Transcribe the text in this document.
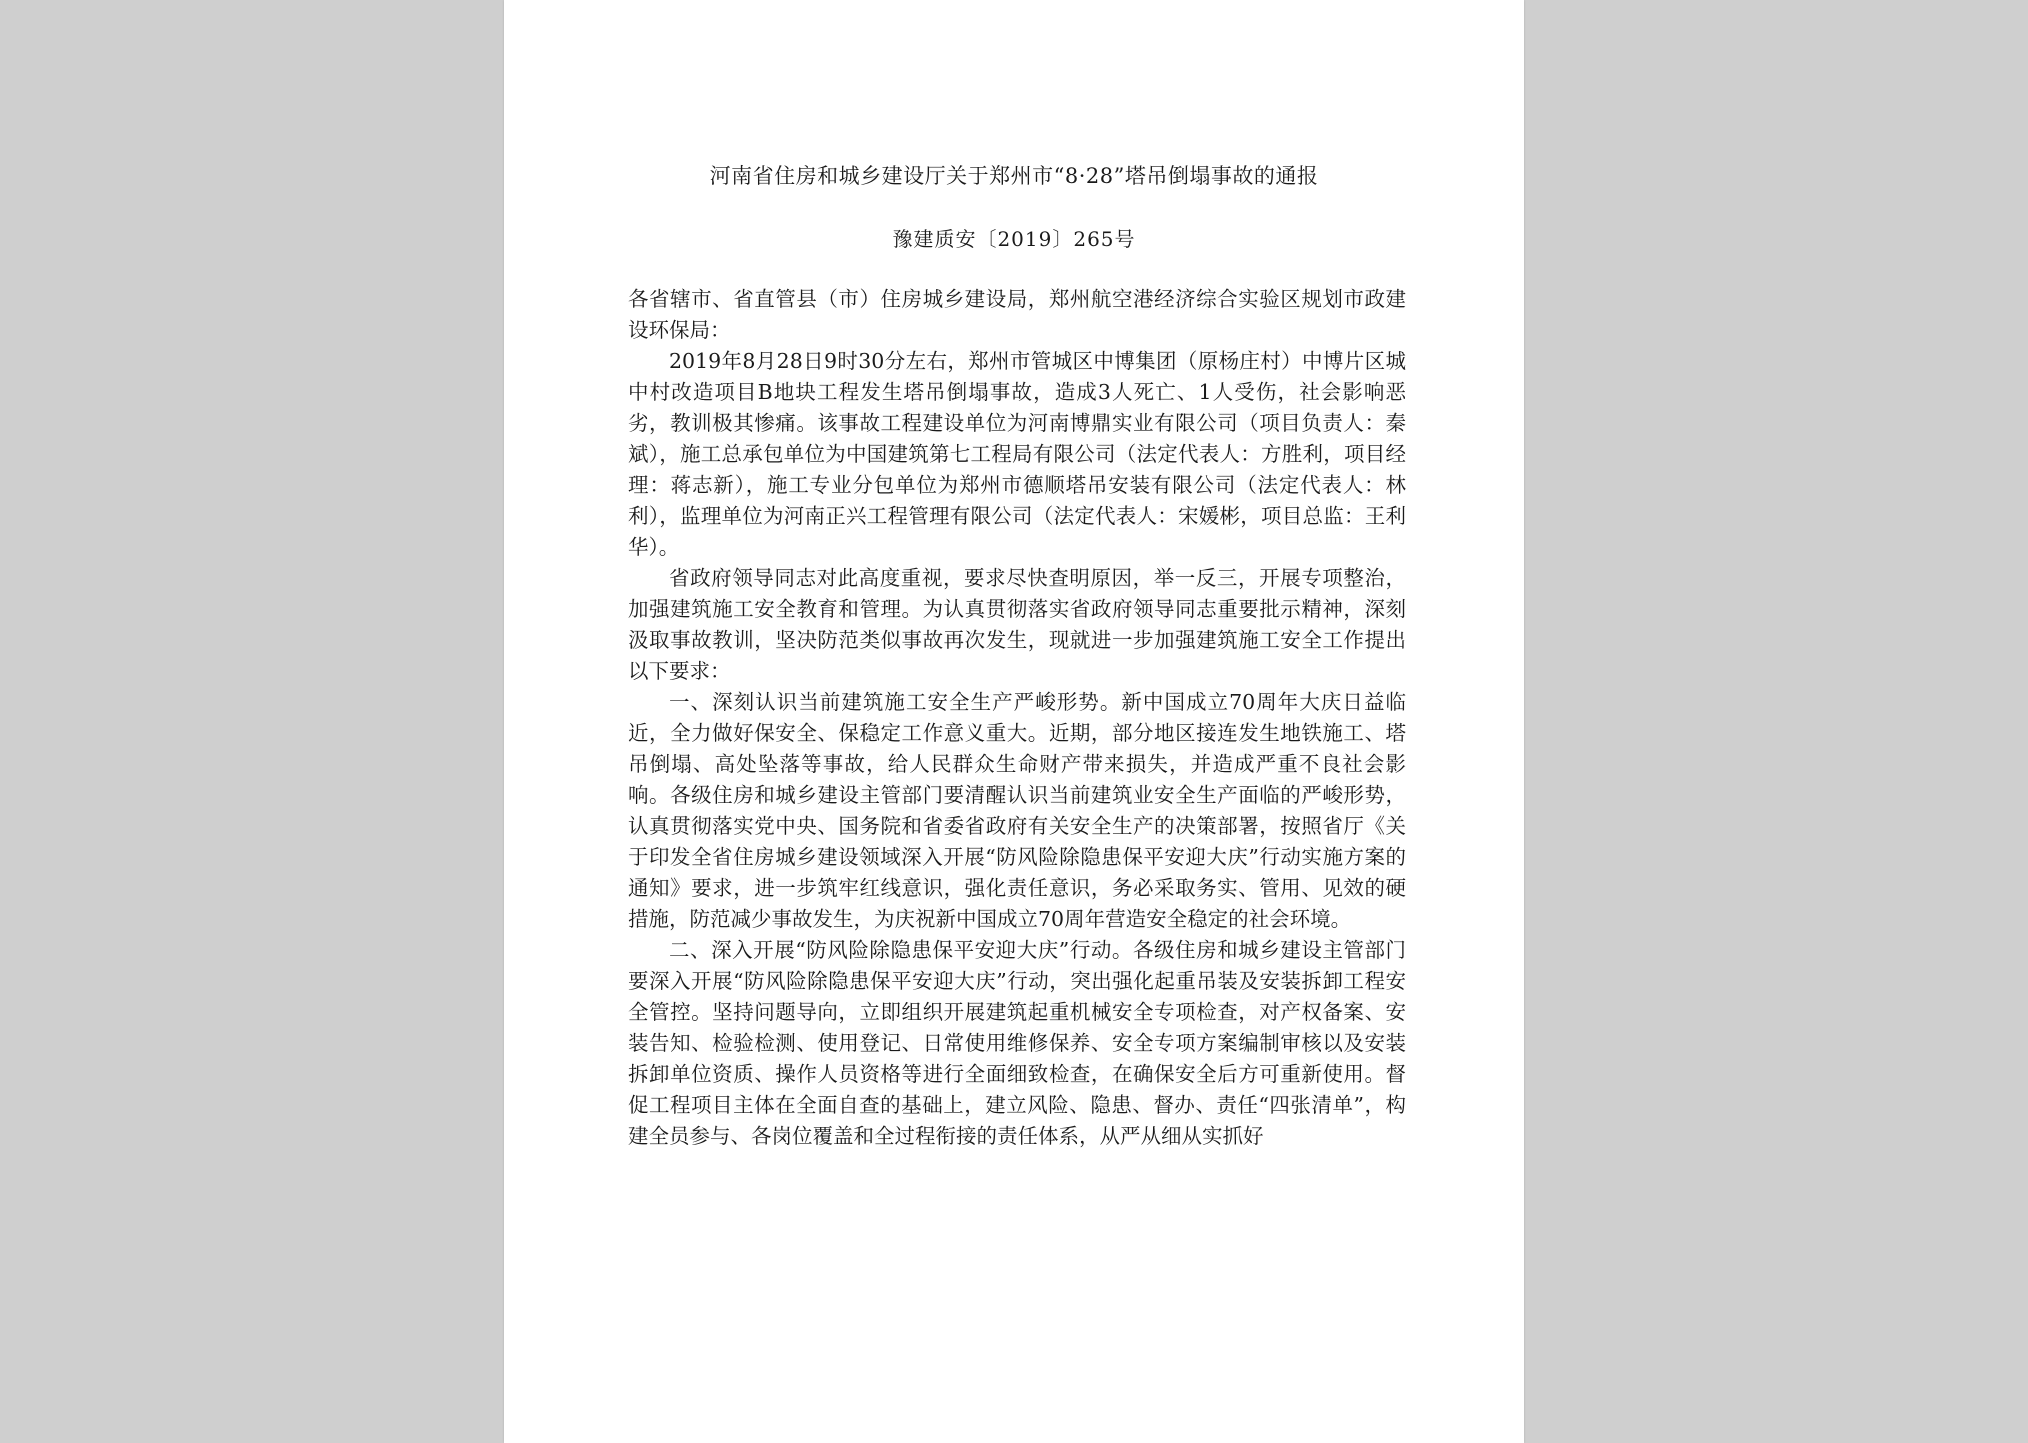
河南省住房和城乡建设厅关于郑州市“8·28”塔吊倒塌事故的通报
豫建质安〔2019〕265号

各省辖市、省直管县（市）住房城乡建设局，郑州航空港经济综合实验区规划市政建设环保局：

2019年8月28日9时30分左右，郑州市管城区中博集团（原杨庄村）中博片区城中村改造项目B地块工程发生塔吊倒塌事故，造成3人死亡、1人受伤，社会影响恶劣，教训极其惨痛。该事故工程建设单位为河南博鼎实业有限公司（项目负责人：秦斌），施工总承包单位为中国建筑第七工程局有限公司（法定代表人：方胜利，项目经理：蒋志新），施工专业分包单位为郑州市德顺塔吊安装有限公司（法定代表人：林利），监理单位为河南正兴工程管理有限公司（法定代表人：宋媛彬，项目总监：王利华）。

省政府领导同志对此高度重视，要求尽快查明原因，举一反三，开展专项整治，加强建筑施工安全教育和管理。为认真贯彻落实省政府领导同志重要批示精神，深刻汲取事故教训，坚决防范类似事故再次发生，现就进一步加强建筑施工安全工作提出以下要求：

一、深刻认识当前建筑施工安全生产严峻形势。新中国成立70周年大庆日益临近，全力做好保安全、保稳定工作意义重大。近期，部分地区接连发生地铁施工、塔吊倒塌、高处坠落等事故，给人民群众生命财产带来损失，并造成严重不良社会影响。各级住房和城乡建设主管部门要清醒认识当前建筑业安全生产面临的严峻形势，认真贯彻落实党中央、国务院和省委省政府有关安全生产的决策部署，按照省厅《关于印发全省住房城乡建设领域深入开展“防风险除隐患保平安迎大庆”行动实施方案的通知》要求，进一步筑牢红线意识，强化责任意识，务必采取务实、管用、见效的硬措施，防范减少事故发生，为庆祝新中国成立70周年营造安全稳定的社会环境。

二、深入开展“防风险除隐患保平安迎大庆”行动。各级住房和城乡建设主管部门要深入开展“防风险除隐患保平安迎大庆”行动，突出强化起重吊装及安装拆卸工程安全管控。坚持问题导向，立即组织开展建筑起重机械安全专项检查，对产权备案、安装告知、检验检测、使用登记、日常使用维修保养、安全专项方案编制审核以及安装拆卸单位资质、操作人员资格等进行全面细致检查，在确保安全后方可重新使用。督促工程项目主体在全面自查的基础上，建立风险、隐患、督办、责任“四张清单”，构建全员参与、各岗位覆盖和全过程衔接的责任体系，从严从细从实抓好
